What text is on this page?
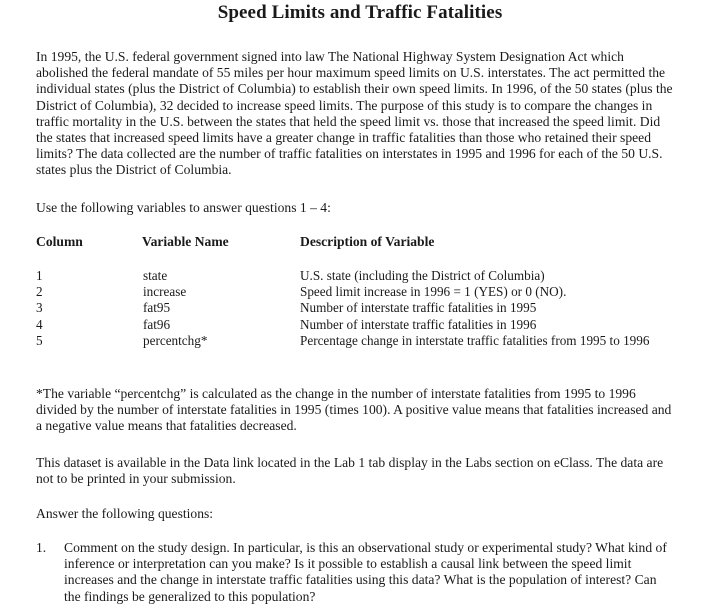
Speed Limits and Traffic Fatalities

In 1995, the U.S. federal government signed into law The National Highway System Designation Act which abolished the federal mandate of 55 miles per hour maximum speed limits on U.S. interstates. The act permitted the individual states (plus the District of Columbia) to establish their own speed limits. In 1996, of the 50 states (plus the District of Columbia), 32 decided to increase speed limits. The purpose of this study is to compare the changes in traffic mortality in the U.S. between the states that held the speed limit vs. those that increased the speed limit. Did the states that increased speed limits have a greater change in traffic fatalities than those who retained their speed limits? The data collected are the number of traffic fatalities on interstates in 1995 and 1996 for each of the 50 U.S. states plus the District of Columbia.

Use the following variables to answer questions 1 – 4:

Column	Variable Name	Description of Variable
1	state	U.S. state (including the District of Columbia)
2	increase	Speed limit increase in 1996 = 1 (YES) or 0 (NO).
3	fat95	Number of interstate traffic fatalities in 1995
4	fat96	Number of interstate traffic fatalities in 1996
5	percentchg*	Percentage change in interstate traffic fatalities from 1995 to 1996

*The variable “percentchg” is calculated as the change in the number of interstate fatalities from 1995 to 1996 divided by the number of interstate fatalities in 1995 (times 100). A positive value means that fatalities increased and a negative value means that fatalities decreased.

This dataset is available in the Data link located in the Lab 1 tab display in the Labs section on eClass. The data are not to be printed in your submission.

Answer the following questions:

1. Comment on the study design. In particular, is this an observational study or experimental study? What kind of inference or interpretation can you make? Is it possible to establish a causal link between the speed limit increases and the change in interstate traffic fatalities using this data? What is the population of interest? Can the findings be generalized to this population?
